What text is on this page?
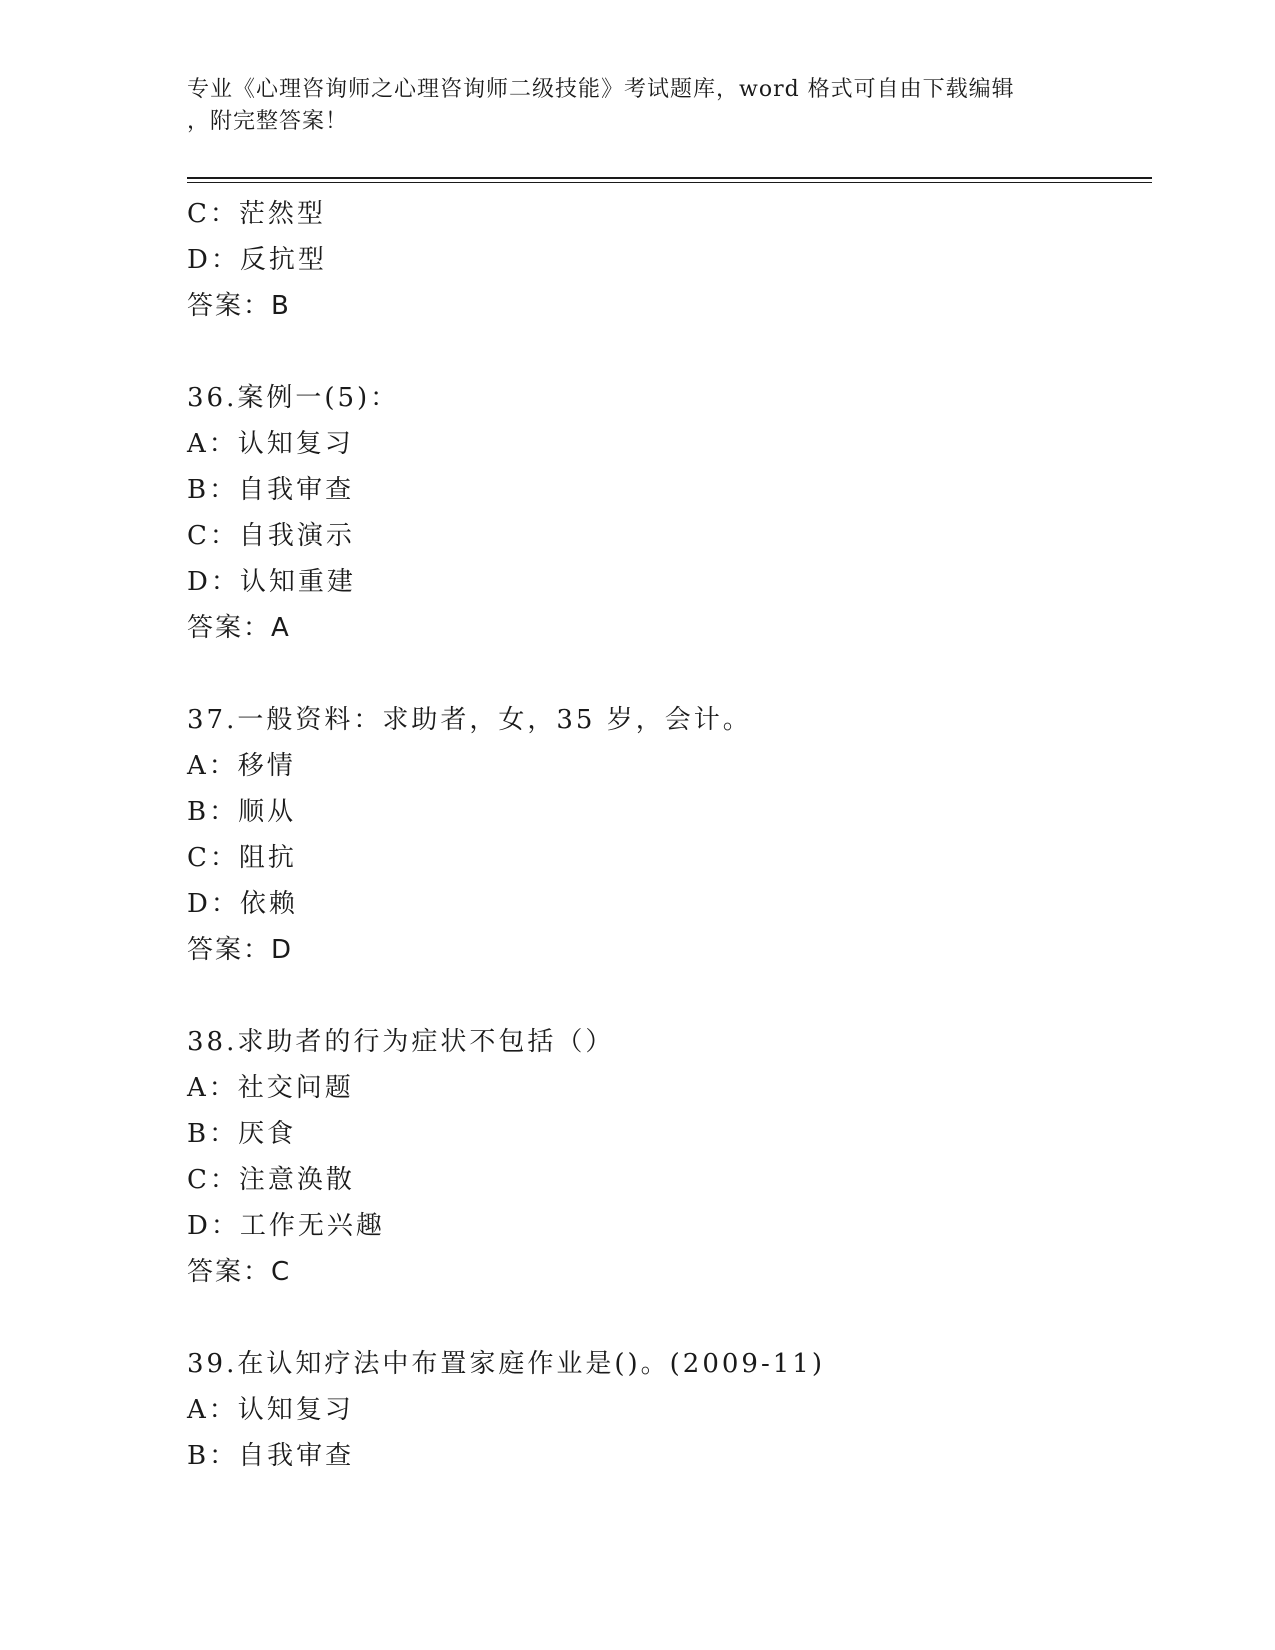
专业《心理咨询师之心理咨询师二级技能》考试题库，word 格式可自由下载编辑
，附完整答案！
C：茫然型
D：反抗型
答案：B
36.案例一(5)：
A：认知复习
B：自我审查
C：自我演示
D：认知重建
答案：A
37.一般资料：求助者，女，35 岁，会计。
A：移情
B：顺从
C：阻抗
D：依赖
答案：D
38.求助者的行为症状不包括（）
A：社交问题
B：厌食
C：注意涣散
D：工作无兴趣
答案：C
39.在认知疗法中布置家庭作业是()。(2009-11)
A：认知复习
B：自我审查
